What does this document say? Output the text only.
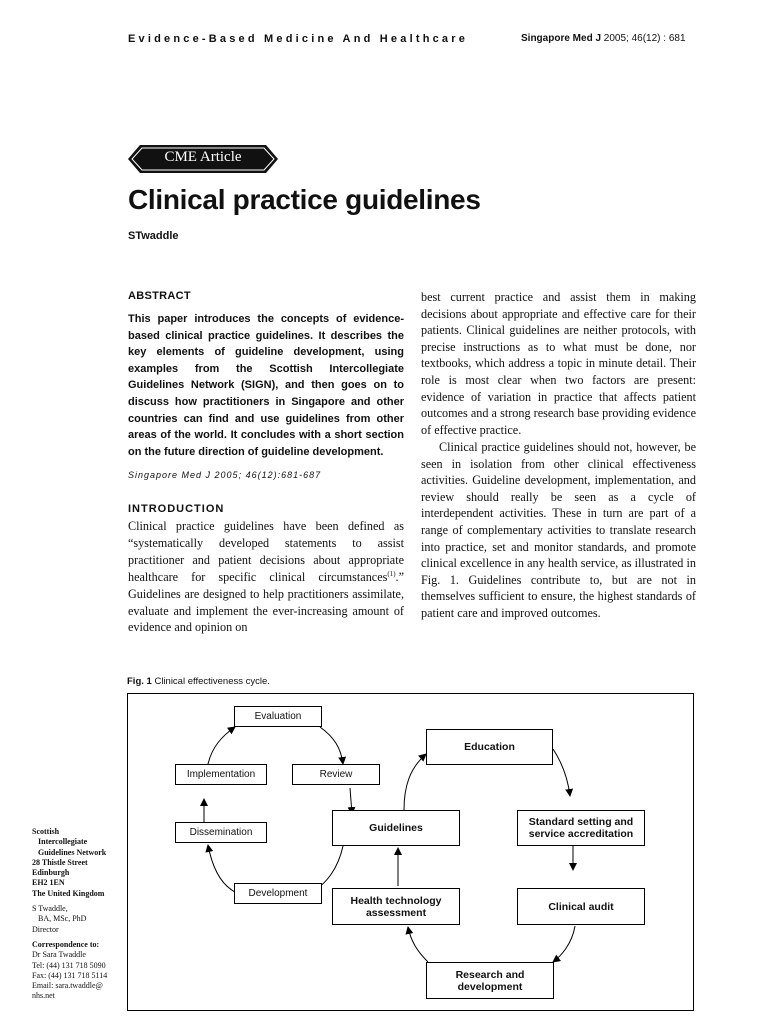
Evidence-Based Medicine And Healthcare	Singapore Med J 2005; 46(12) : 681
CME Article
Clinical practice guidelines
STwaddle
ABSTRACT

This paper introduces the concepts of evidence-based clinical practice guidelines. It describes the key elements of guideline development, using examples from the Scottish Intercollegiate Guidelines Network (SIGN), and then goes on to discuss how practitioners in Singapore and other countries can find and use guidelines from other areas of the world. It concludes with a short section on the future direction of guideline development.

Singapore Med J 2005; 46(12):681-687
INTRODUCTION

Clinical practice guidelines have been defined as “systematically developed statements to assist practitioner and patient decisions about appropriate healthcare for specific clinical circumstances$^{(1)}$.” Guidelines are designed to help practitioners assimilate, evaluate and implement the ever-increasing amount of evidence and opinion on

best current practice and assist them in making decisions about appropriate and effective care for their patients. Clinical guidelines are neither protocols, with precise instructions as to what must be done, nor textbooks, which address a topic in minute detail. Their role is most clear when two factors are present: evidence of variation in practice that affects patient outcomes and a strong research base providing evidence of effective practice.

Clinical practice guidelines should not, however, be seen in isolation from other clinical effectiveness activities. Guideline development, implementation, and review should really be seen as a cycle of interdependent activities. These in turn are part of a range of complementary activities to translate research into practice, set and monitor standards, and promote clinical excellence in any health service, as illustrated in Fig. 1. Guidelines contribute to, but are not in themselves sufficient to ensure, the highest standards of patient care and improved outcomes.

Fig. 1 Clinical effectiveness cycle.
Evaluation
Implementation	Review
Dissemination
Development
Education
Guidelines	Standard setting and service accreditation
Health technology assessment	Clinical audit
Research and development
Scottish
Intercollegiate
Guidelines Network
28 Thistle Street
Edinburgh
EH2 1EN
The United Kingdom
S Twaddle,
BA, MSc, PhD
Director
Correspondence to:
Dr Sara Twaddle
Tel: (44) 131 718 5090
Fax: (44) 131 718 5114
Email: sara.twaddle@
nhs.net
